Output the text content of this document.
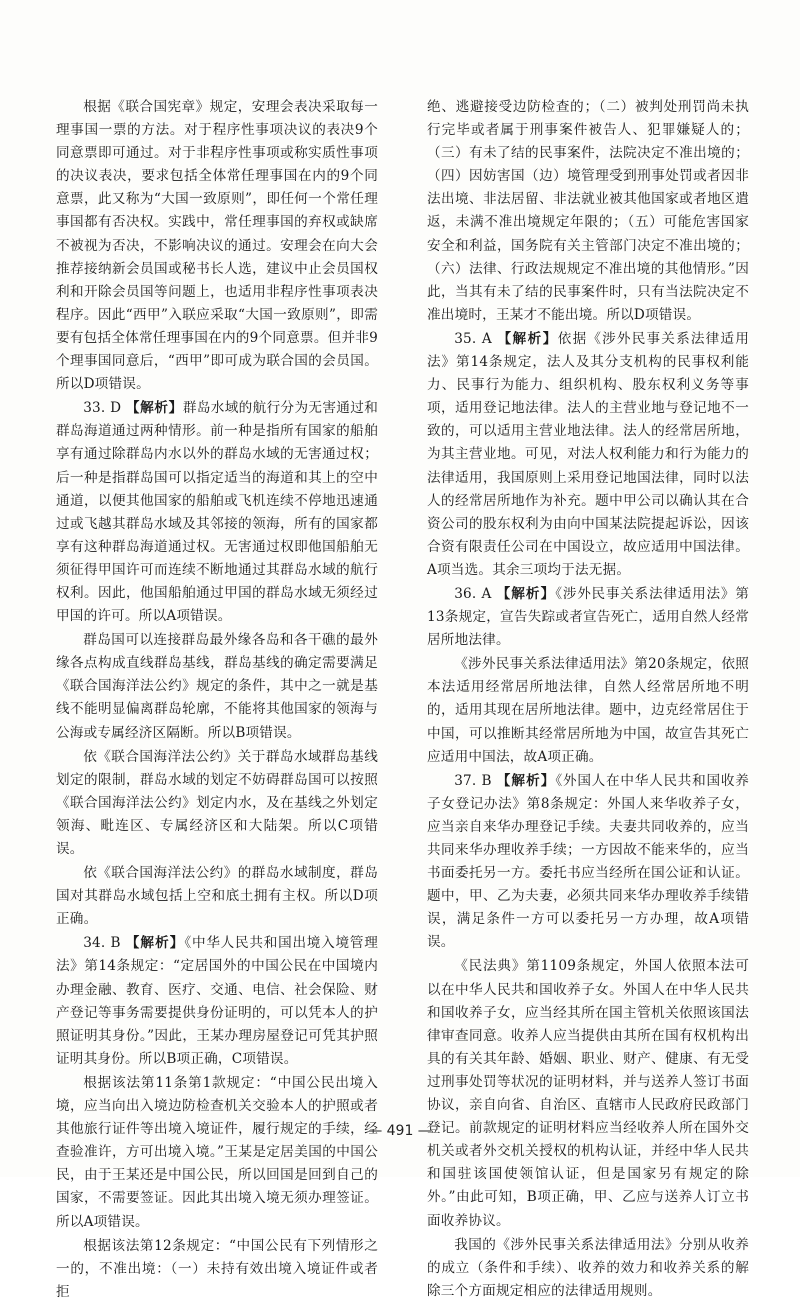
根据《联合国宪章》规定，安理会表决采取每一理事国一票的方法。对于程序性事项决议的表决9个同意票即可通过。对于非程序性事项或称实质性事项的决议表决，要求包括全体常任理事国在内的9个同意票，此又称为“大国一致原则”，即任何一个常任理事国都有否决权。实践中，常任理事国的弃权或缺席不被视为否决，不影响决议的通过。安理会在向大会推荐接纳新会员国或秘书长人选，建议中止会员国权利和开除会员国等问题上，也适用非程序性事项表决程序。因此“西甲”入联应采取“大国一致原则”，即需要有包括全体常任理事国在内的9个同意票。但并非9个理事国同意后，“西甲”即可成为联合国的会员国。所以D项错误。

33. D 【解析】群岛水域的航行分为无害通过和群岛海道通过两种情形。前一种是指所有国家的船舶享有通过除群岛内水以外的群岛水域的无害通过权；后一种是指群岛国可以指定适当的海道和其上的空中通道，以便其他国家的船舶或飞机连续不停地迅速通过或飞越其群岛水域及其邻接的领海，所有的国家都享有这种群岛海道通过权。无害通过权即他国船舶无须征得甲国许可而连续不断地通过其群岛水域的航行权利。因此，他国船舶通过甲国的群岛水域无须经过甲国的许可。所以A项错误。

群岛国可以连接群岛最外缘各岛和各干礁的最外缘各点构成直线群岛基线，群岛基线的确定需要满足《联合国海洋法公约》规定的条件，其中之一就是基线不能明显偏离群岛轮廓，不能将其他国家的领海与公海或专属经济区隔断。所以B项错误。

依《联合国海洋法公约》关于群岛水域群岛基线划定的限制，群岛水域的划定不妨碍群岛国可以按照《联合国海洋法公约》划定内水，及在基线之外划定领海、毗连区、专属经济区和大陆架。所以C项错误。

依《联合国海洋法公约》的群岛水域制度，群岛国对其群岛水域包括上空和底土拥有主权。所以D项正确。

34. B 【解析】《中华人民共和国出境入境管理法》第14条规定：“定居国外的中国公民在中国境内办理金融、教育、医疗、交通、电信、社会保险、财产登记等事务需要提供身份证明的，可以凭本人的护照证明其身份。”因此，王某办理房屋登记可凭其护照证明其身份。所以B项正确，C项错误。

根据该法第11条第1款规定：“中国公民出境入境，应当向出入境边防检查机关交验本人的护照或者其他旅行证件等出境入境证件，履行规定的手续，经查验准许，方可出境入境。”王某是定居美国的中国公民，由于王某还是中国公民，所以回国是回到自己的国家，不需要签证。因此其出境入境无须办理签证。所以A项错误。

根据该法第12条规定：“中国公民有下列情形之一的，不准出境：（一）未持有效出境入境证件或者拒

绝、逃避接受边防检查的；（二）被判处刑罚尚未执行完毕或者属于刑事案件被告人、犯罪嫌疑人的；（三）有未了结的民事案件，法院决定不准出境的；（四）因妨害国（边）境管理受到刑事处罚或者因非法出境、非法居留、非法就业被其他国家或者地区遣返，未满不准出境规定年限的；（五）可能危害国家安全和利益，国务院有关主管部门决定不准出境的；（六）法律、行政法规规定不准出境的其他情形。”因此，当其有未了结的民事案件时，只有当法院决定不准出境时，王某才不能出境。所以D项错误。

35. A 【解析】依据《涉外民事关系法律适用法》第14条规定，法人及其分支机构的民事权利能力、民事行为能力、组织机构、股东权利义务等事项，适用登记地法律。法人的主营业地与登记地不一致的，可以适用主营业地法律。法人的经常居所地，为其主营业地。可见，对法人权利能力和行为能力的法律适用，我国原则上采用登记地国法律，同时以法人的经常居所地作为补充。题中甲公司以确认其在合资公司的股东权利为由向中国某法院提起诉讼，因该合资有限责任公司在中国设立，故应适用中国法律。A项当选。其余三项均于法无据。

36. A 【解析】《涉外民事关系法律适用法》第13条规定，宣告失踪或者宣告死亡，适用自然人经常居所地法律。

《涉外民事关系法律适用法》第20条规定，依照本法适用经常居所地法律，自然人经常居所地不明的，适用其现在居所地法律。题中，边克经常居住于中国，可以推断其经常居所地为中国，故宣告其死亡应适用中国法，故A项正确。

37. B 【解析】《外国人在中华人民共和国收养子女登记办法》第8条规定：外国人来华收养子女，应当亲自来华办理登记手续。夫妻共同收养的，应当共同来华办理收养手续；一方因故不能来华的，应当书面委托另一方。委托书应当经所在国公证和认证。题中，甲、乙为夫妻，必须共同来华办理收养手续错误，满足条件一方可以委托另一方办理，故A项错误。

《民法典》第1109条规定，外国人依照本法可以在中华人民共和国收养子女。外国人在中华人民共和国收养子女，应当经其所在国主管机关依照该国法律审查同意。收养人应当提供由其所在国有权机构出具的有关其年龄、婚姻、职业、财产、健康、有无受过刑事处罚等状况的证明材料，并与送养人签订书面协议，亲自向省、自治区、直辖市人民政府民政部门登记。前款规定的证明材料应当经收养人所在国外交机关或者外交机关授权的机构认证，并经中华人民共和国驻该国使领馆认证，但是国家另有规定的除外。”由此可知，B项正确，甲、乙应与送养人订立书面收养协议。

我国的《涉外民事关系法律适用法》分别从收养的成立（条件和手续）、收养的效力和收养关系的解除三个方面规定相应的法律适用规则。

— 491 —
